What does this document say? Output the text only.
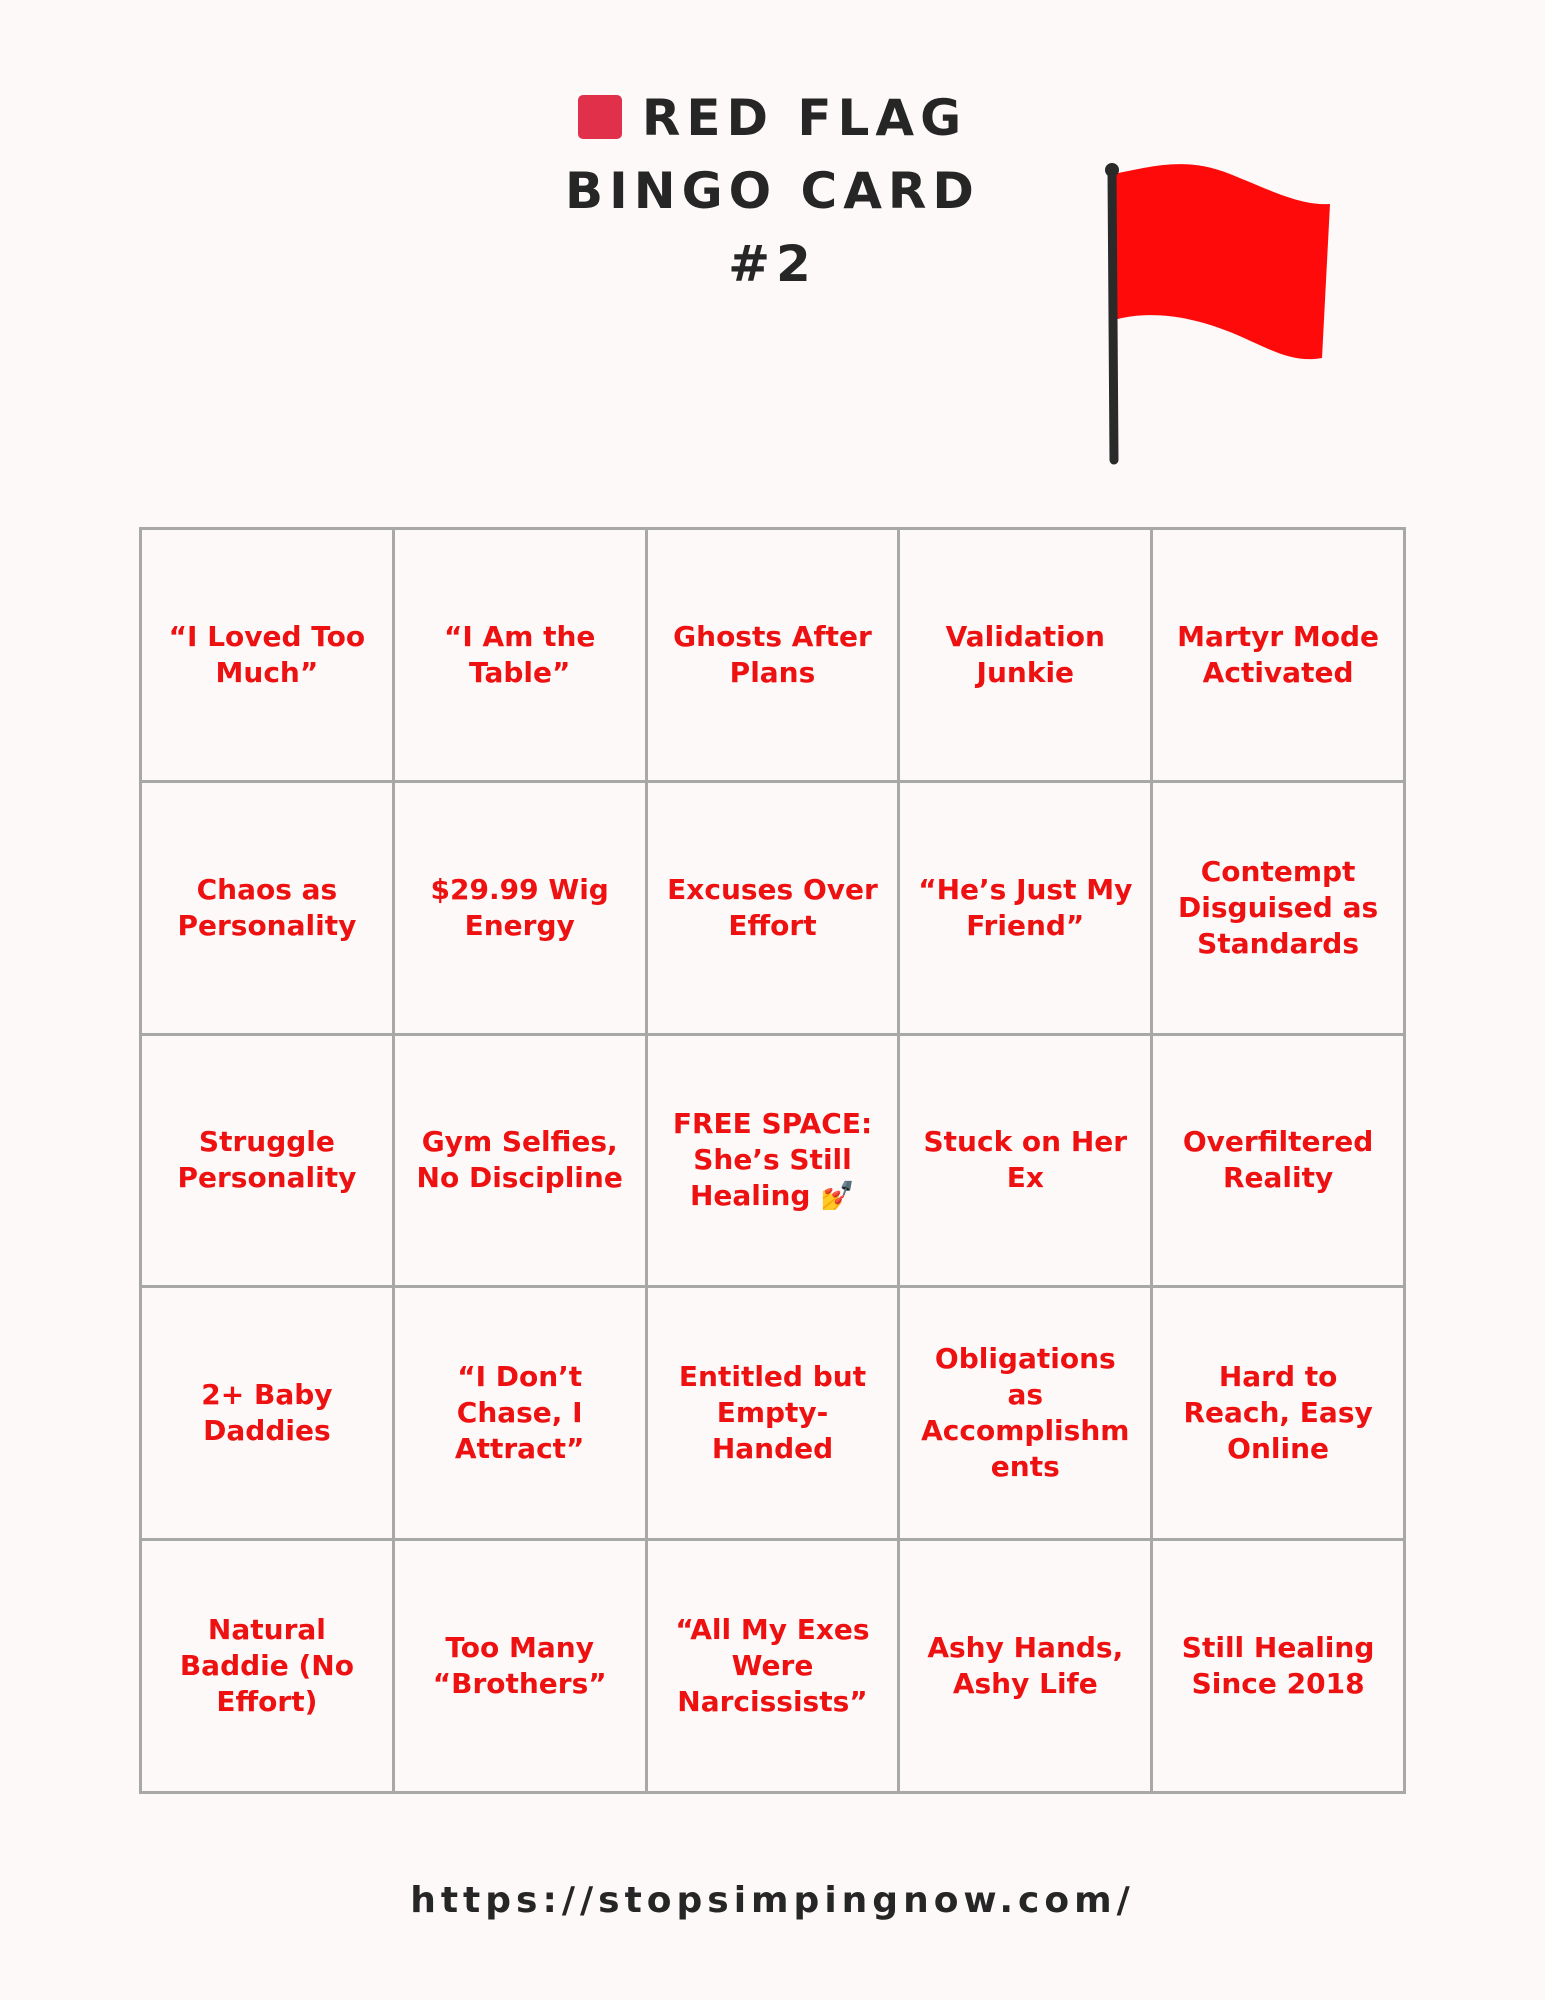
RED FLAG
BINGO CARD
#2
“I Loved Too Much”
“I Am the Table”
Ghosts After Plans
Validation Junkie
Martyr Mode Activated
Chaos as Personality
$29.99 Wig Energy
Excuses Over Effort
“He’s Just My Friend”
Contempt Disguised as Standards
Struggle Personality
Gym Selfies, No Discipline
FREE SPACE: She’s Still Healing 💅
Stuck on Her Ex
Overfiltered Reality
2+ Baby Daddies
“I Don’t Chase, I Attract”
Entitled but Empty-Handed
Obligations as Accomplishments
Hard to Reach, Easy Online
Natural Baddie (No Effort)
Too Many “Brothers”
“All My Exes Were Narcissists”
Ashy Hands, Ashy Life
Still Healing Since 2018
https://stopsimpingnow.com/
